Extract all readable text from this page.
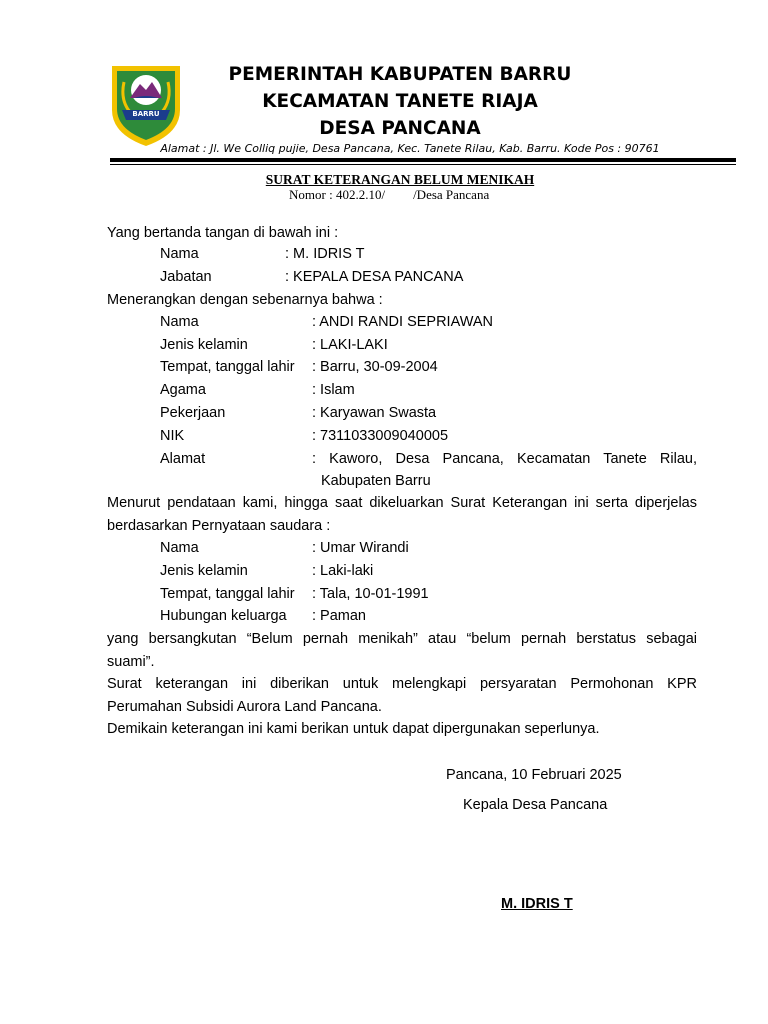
BARRU
PEMERINTAH KABUPATEN BARRU
KECAMATAN TANETE RIAJA
DESA PANCANA
Alamat : Jl. We Colliq pujie, Desa Pancana, Kec. Tanete Rilau, Kab. Barru. Kode Pos : 90761
SURAT KETERANGAN BELUM MENIKAH
Nomor : 402.2.10/ /Desa Pancana
Yang bertanda tangan di bawah ini :
Nama	: M. IDRIS T
Jabatan	: KEPALA DESA PANCANA
Menerangkan dengan sebenarnya bahwa :
Nama	: ANDI RANDI SEPRIAWAN
Jenis kelamin	: LAKI-LAKI
Tempat, tanggal lahir : Barru, 30-09-2004
Agama	: Islam
Pekerjaan	: Karyawan Swasta
NIK	: 7311033009040005
Alamat	: Kaworo, Desa Pancana, Kecamatan Tanete Rilau,
Kabupaten Barru
Menurut pendataan kami, hingga saat dikeluarkan Surat Keterangan ini serta diperjelas
berdasarkan Pernyataan saudara :
Nama	: Umar Wirandi
Jenis kelamin	: Laki-laki
Tempat, tanggal lahir : Tala, 10-01-1991
Hubungan keluarga : Paman
yang bersangkutan “Belum pernah menikah” atau “belum pernah berstatus sebagai
suami”.
Surat keterangan ini diberikan untuk melengkapi persyaratan Permohonan KPR
Perumahan Subsidi Aurora Land Pancana.
Demikain keterangan ini kami berikan untuk dapat dipergunakan seperlunya.
Pancana, 10 Februari 2025
Kepala Desa Pancana
M. IDRIS T
